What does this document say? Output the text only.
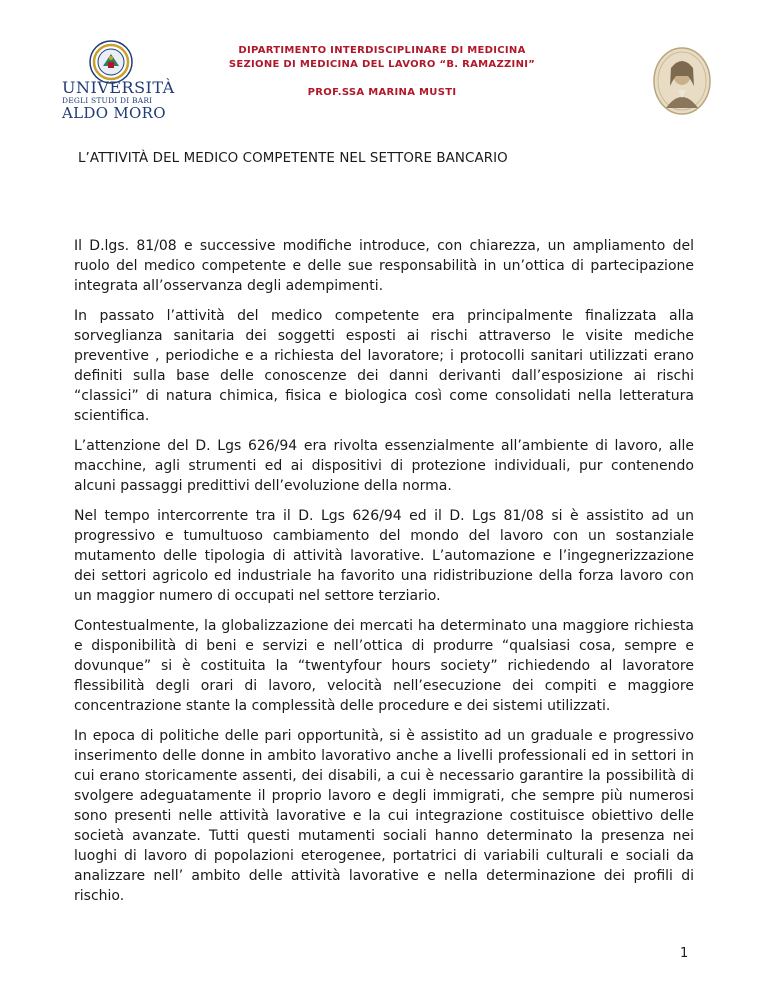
UNIVERSITÀ
DEGLI STUDI DI BARI
ALDO MORO
DIPARTIMENTO INTERDISCIPLINARE DI MEDICINA
SEZIONE DI MEDICINA DEL LAVORO “B. RAMAZZINI”
PROF.SSA MARINA MUSTI
L’ATTIVITÀ DEL MEDICO COMPETENTE NEL SETTORE BANCARIO

Il D.lgs. 81/08 e successive modifiche introduce, con chiarezza, un ampliamento del ruolo del medico competente e delle sue responsabilità in un’ottica di partecipazione integrata all’osservanza degli adempimenti.

In passato l’attività del medico competente era principalmente finalizzata alla sorveglianza sanitaria dei soggetti esposti ai rischi attraverso le visite mediche preventive , periodiche e a richiesta del lavoratore; i protocolli sanitari utilizzati erano definiti sulla base delle conoscenze dei danni derivanti dall’esposizione ai rischi “classici” di natura chimica, fisica e biologica così come consolidati nella letteratura scientifica.

L’attenzione del D. Lgs 626/94 era rivolta essenzialmente all’ambiente di lavoro, alle macchine, agli strumenti ed ai dispositivi di protezione individuali, pur contenendo alcuni passaggi predittivi dell’evoluzione della norma.

Nel tempo intercorrente tra il D. Lgs 626/94 ed il D. Lgs 81/08 si è assistito ad un progressivo e tumultuoso cambiamento del mondo del lavoro con un sostanziale mutamento delle tipologia di attività lavorative. L’automazione e l’ingegnerizzazione dei settori agricolo ed industriale ha favorito una ridistribuzione della forza lavoro con un maggior numero di occupati nel settore terziario.

Contestualmente, la globalizzazione dei mercati ha determinato una maggiore richiesta e disponibilità di beni e servizi e nell’ottica di produrre “qualsiasi cosa, sempre e dovunque” si è costituita la “twentyfour hours society” richiedendo al lavoratore flessibilità degli orari di lavoro, velocità nell’esecuzione dei compiti e maggiore concentrazione stante la complessità delle procedure e dei sistemi utilizzati.

In epoca di politiche delle pari opportunità, si è assistito ad un graduale e progressivo inserimento delle donne in ambito lavorativo anche a livelli professionali ed in settori in cui erano storicamente assenti, dei disabili, a cui è necessario garantire la possibilità di svolgere adeguatamente il proprio lavoro e degli immigrati, che sempre più numerosi sono presenti nelle attività lavorative e la cui integrazione costituisce obiettivo delle società avanzate. Tutti questi mutamenti sociali hanno determinato la presenza nei luoghi di lavoro di popolazioni eterogenee, portatrici di variabili culturali e sociali da analizzare nell’ ambito delle attività lavorative e nella determinazione dei profili di rischio.

1
